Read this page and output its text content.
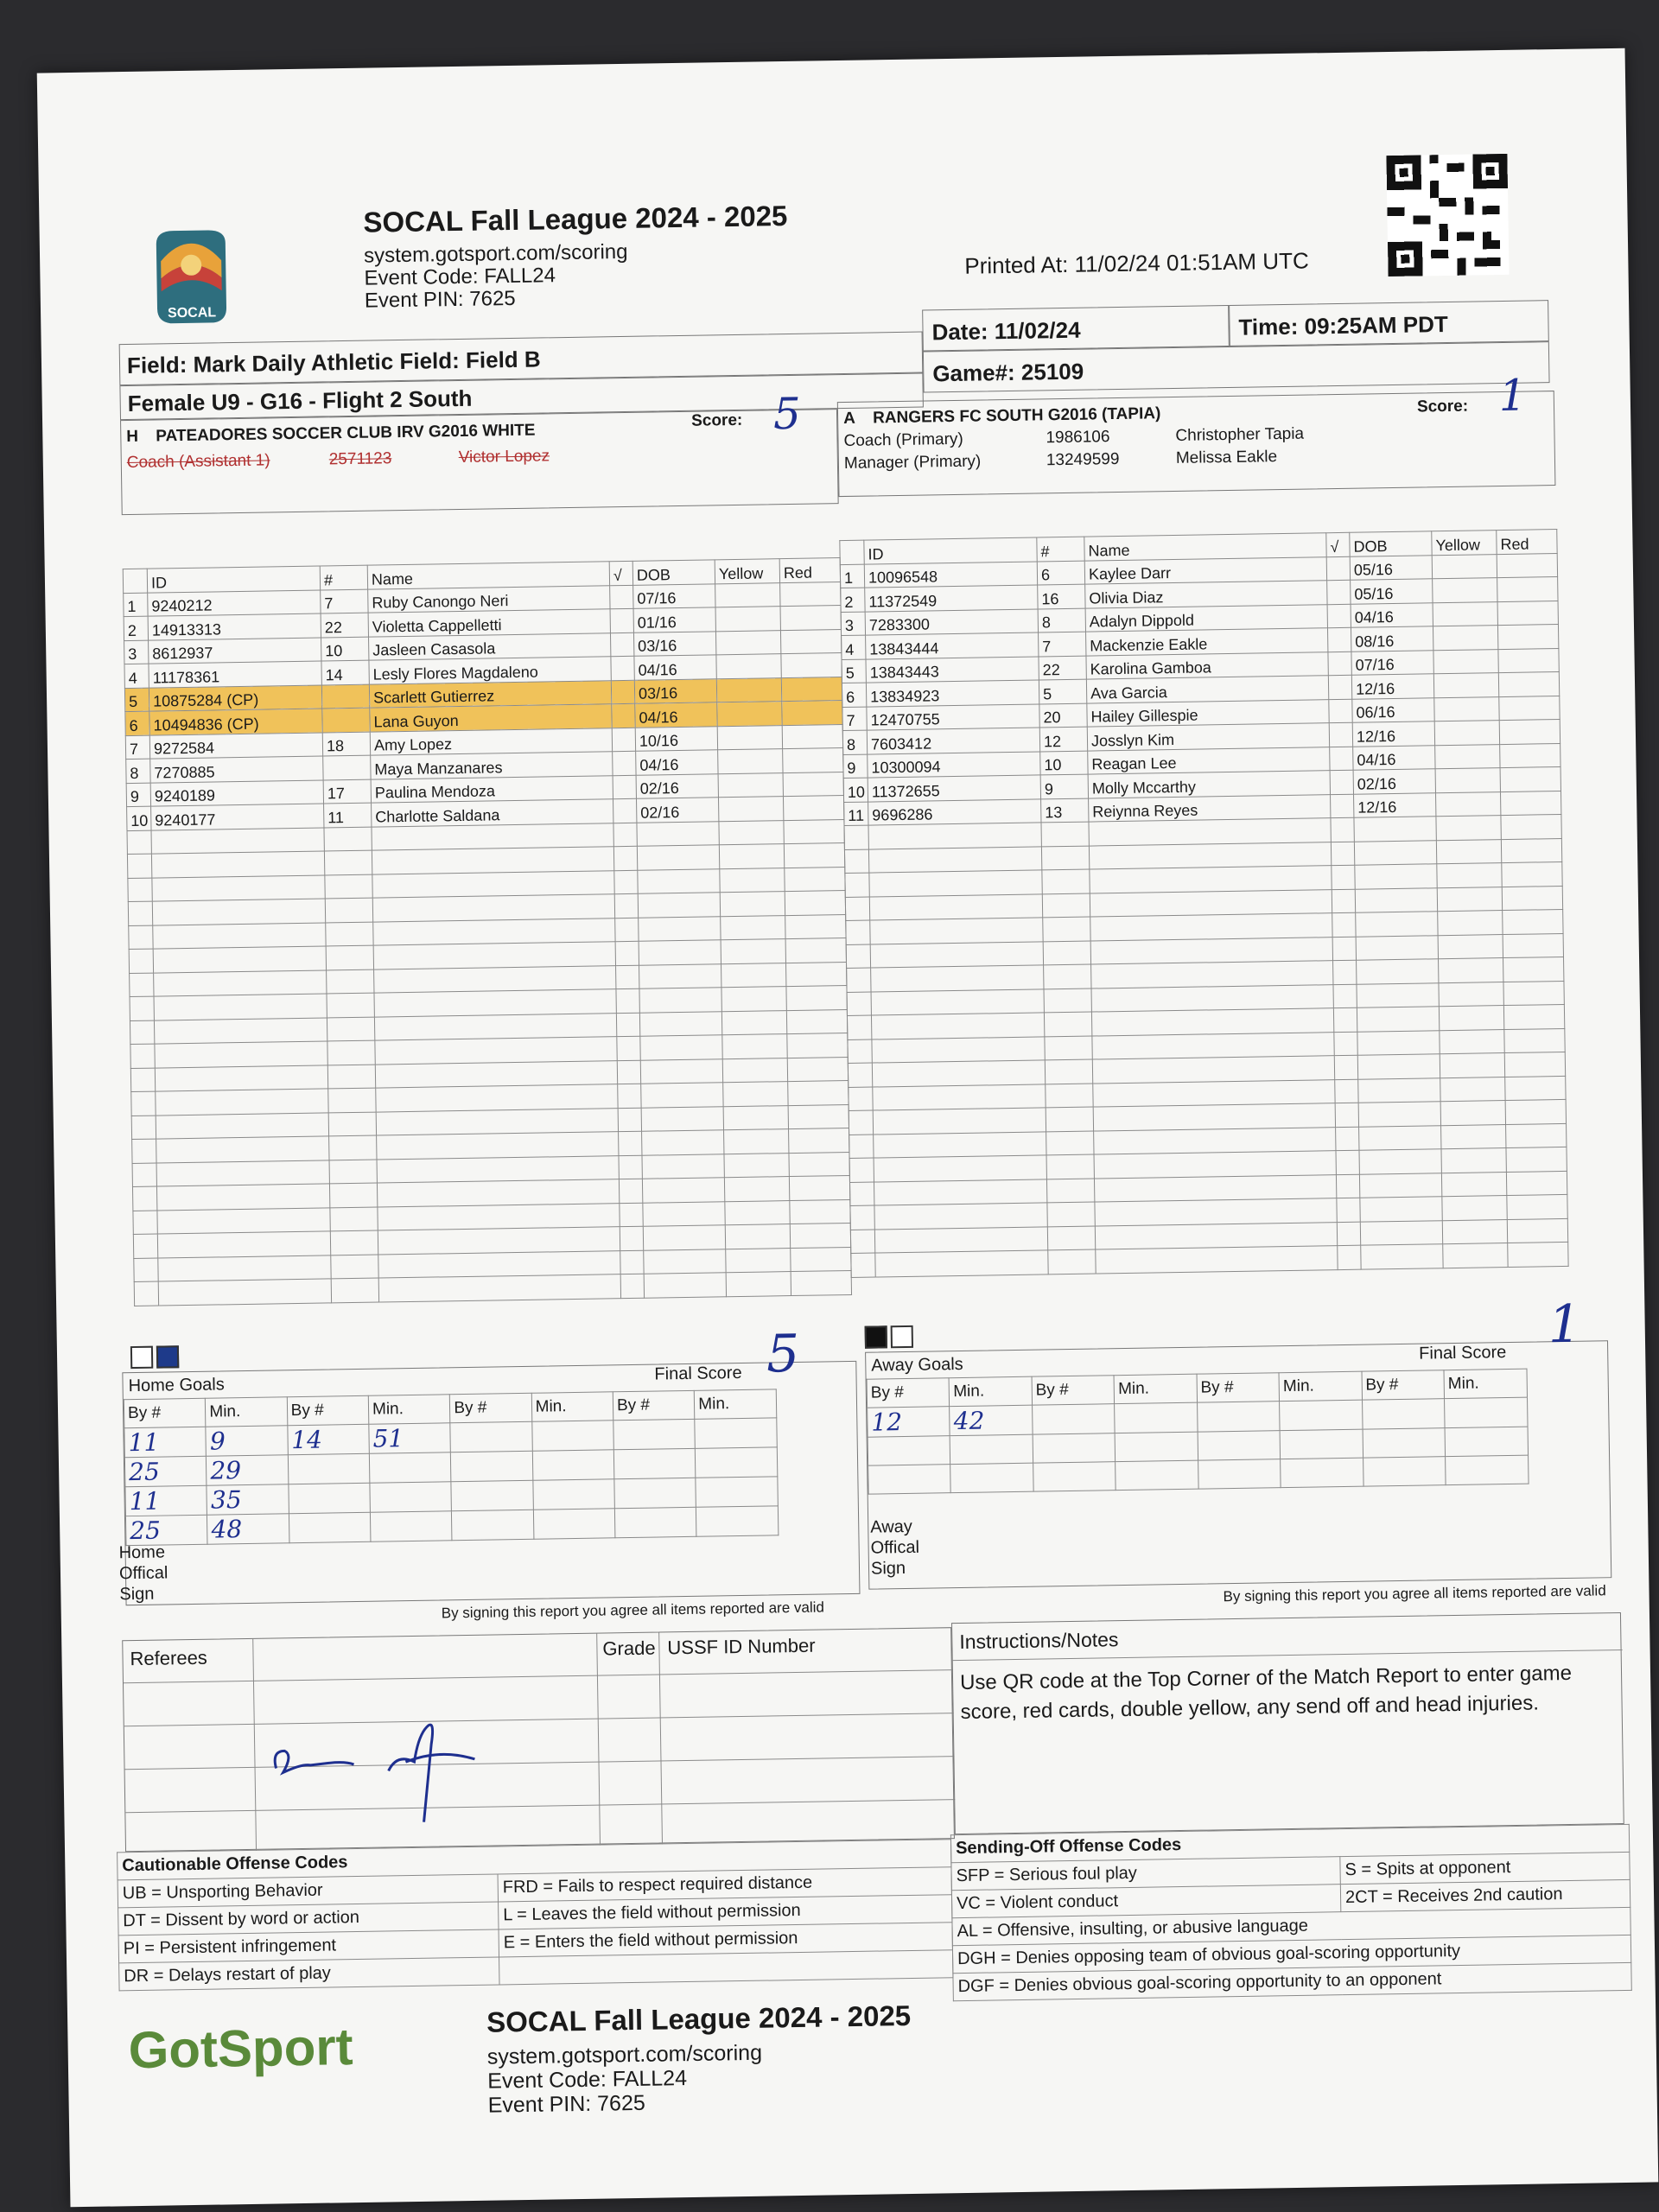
SOCAL
SOCAL Fall League 2024 - 2025
system.gotsport.com/scoring
Event Code: FALL24
Event PIN: 7625
Printed At: 11/02/24 01:51AM UTC
Field: Mark Daily Athletic Field: Field B
Female U9 - G16 - Flight 2 South
Date: 11/02/24	Time: 09:25AM PDT
Game#: 25109
H PATEADORES SOCCER CLUB IRV G2016 WHITE
Score: 5
Coach (Assistant 1)	2571123	Victor Lopez
A RANGERS FC SOUTH G2016 (TAPIA)	Score: 1
Coach (Primary)	1986106	Christopher Tapia
Manager (Primary)	13249599	Melissa Eakle
	ID	#	Name	√	DOB	Yellow	Red
1	9240212	7	Ruby Canongo Neri		07/16		
2	14913313	22	Violetta Cappelletti		01/16		
3	8612937	10	Jasleen Casasola		03/16		
4	11178361	14	Lesly Flores Magdaleno		04/16		
5	10875284 (CP)		Scarlett Gutierrez		03/16		
6	10494836 (CP)		Lana Guyon		04/16		
7	9272584	18	Amy Lopez		10/16		
8	7270885		Maya Manzanares		04/16		
9	9240189	17	Paulina Mendoza		02/16		
10	9240177	11	Charlotte Saldana		02/16		

	ID	#	Name	√	DOB	Yellow	Red
1	10096548	6	Kaylee Darr		05/16		
2	11372549	16	Olivia Diaz		05/16		
3	7283300	8	Adalyn Dippold		04/16		
4	13843444	7	Mackenzie Eakle		08/16		
5	13843443	22	Karolina Gamboa		07/16		
6	13834923	5	Ava Garcia		12/16		
7	12470755	20	Hailey Gillespie		06/16		
8	7603412	12	Josslyn Kim		12/16		
9	10300094	10	Reagan Lee		04/16		
10	11372655	9	Molly Mccarthy		02/16		
11	9696286	13	Reiynna Reyes		12/16		

Home Goals
Final Score 5
By #	Min.	By #	Min.	By #	Min.	By #	Min.	
11	9	14	51					
25	29							
11	35							
25	48							
Home Offical Sign
By signing this report you agree all items reported are valid
Away Goals
Final Score 1
By #	Min.	By #	Min.	By #	Min.	By #	Min.	
12	42							

Away Offical Sign
By signing this report you agree all items reported are valid
Referees	Grade USSF ID Number	Instructions/Notes
Use QR code at the Top Corner of the Match Report to enter game score, red cards, double yellow, any send off and head injuries.
Cautionable Offense Codes	
UB = Unsporting Behavior	FRD = Fails to respect required distance
DT = Dissent by word or action	L = Leaves the field without permission
PI = Persistent infringement	E = Enters the field without permission
DR = Delays restart of play	
Sending-Off Offense Codes	
SFP = Serious foul play	S = Spits at opponent
VC = Violent conduct	2CT = Receives 2nd caution
AL = Offensive, insulting, or abusive language	
DGH = Denies opposing team of obvious goal-scoring opportunity	
DGF = Denies obvious goal-scoring opportunity to an opponent	
GotSport	SOCAL Fall League 2024 - 2025
system.gotsport.com/scoring
Event Code: FALL24
Event PIN: 7625
